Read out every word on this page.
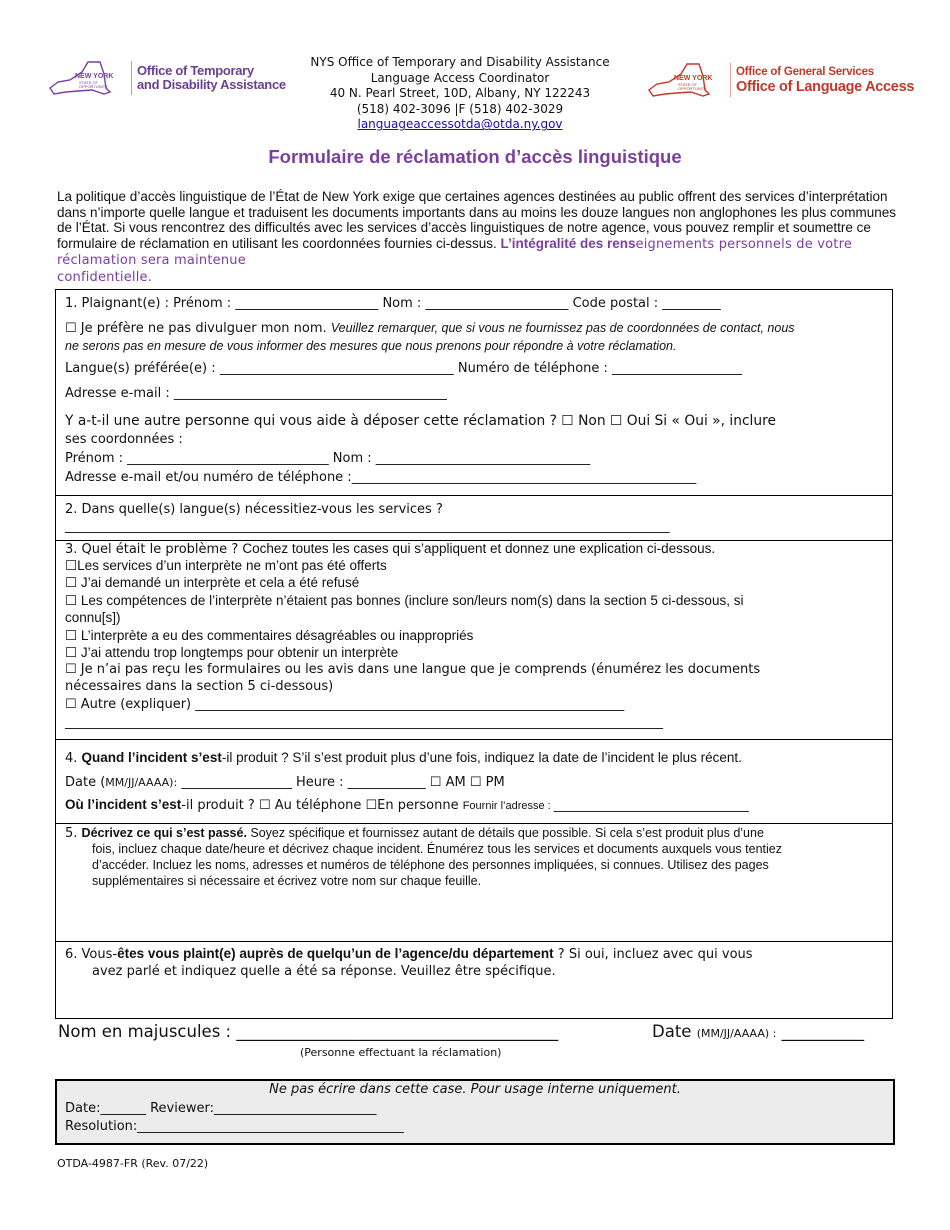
NEW YORK
STATE OF
OPPORTUNITY.
Office of Temporary
and Disability Assistance
NYS Office of Temporary and Disability Assistance
Language Access Coordinator
40 N. Pearl Street, 10D, Albany, NY 122243
(518) 402-3096 |F (518) 402-3029
languageaccessotda@otda.ny.gov
NEW YORK
STATE OF
OPPORTUNITY.
Office of General Services
Office of Language Access
Formulaire de réclamation d’accès linguistique
La politique d’accès linguistique de l’État de New York exige que certaines agences destinées au public offrent des services d’interprétation dans n’importe quelle langue et traduisent les documents importants dans au moins les douze langues non anglophones les plus communes de l’État. Si vous rencontrez des difficultés avec les services d’accès linguistiques de notre agence, vous pouvez remplir et soumettre ce formulaire de réclamation en utilisant les coordonnées fournies ci-dessus. L’intégralité des renseignements personnels de votre réclamation sera maintenue
confidentielle.
1. Plaignant(e) : Prénom : ______________________ Nom : ______________________ Code postal : _________
☐ Je préfère ne pas divulguer mon nom. Veuillez remarquer, que si vous ne fournissez pas de coordonnées de contact, nous
ne serons pas en mesure de vous informer des mesures que nous prenons pour répondre à votre réclamation.
Langue(s) préférée(e) : ____________________________________ Numéro de téléphone : ____________________
Adresse e-mail : __________________________________________
Y a-t-il une autre personne qui vous aide à déposer cette réclamation ? ☐ Non ☐ Oui Si « Oui », inclure
ses coordonnées :
Prénom : _______________________________ Nom : _________________________________
Adresse e-mail et/ou numéro de téléphone :_____________________________________________________
2. Dans quelle(s) langue(s) nécessitiez-vous les services ?
_____________________________________________________________________________________________
3. Quel était le problème ? Cochez toutes les cases qui s’appliquent et donnez une explication ci-dessous.
☐Les services d’un interprète ne m’ont pas été offerts
☐ J’ai demandé un interprète et cela a été refusé
☐ Les compétences de l’interprète n’étaient pas bonnes (inclure son/leurs nom(s) dans la section 5 ci-dessous, si
connu[s])
☐ L’interprète a eu des commentaires désagréables ou inappropriés
☐ J’ai attendu trop longtemps pour obtenir un interprète
☐ Je n’ai pas reçu les formulaires ou les avis dans une langue que je comprends (énumérez les documents
nécessaires dans la section 5 ci-dessous)
☐ Autre (expliquer) __________________________________________________________________
____________________________________________________________________________________________
4. Quand l’incident s’est-il produit ? S’il s’est produit plus d’une fois, indiquez la date de l’incident le plus récent.
Date (MM/JJ/AAAA): _________________ Heure : ____________ ☐ AM ☐ PM
Où l’incident s’est-il produit ? ☐ Au téléphone ☐En personne Fournir l’adresse : ______________________________
5. Décrivez ce qui s’est passé. Soyez spécifique et fournissez autant de détails que possible. Si cela s’est produit plus d’une
fois, incluez chaque date/heure et décrivez chaque incident. Énumérez tous les services et documents auxquels vous tentiez
d’accéder. Incluez les noms, adresses et numéros de téléphone des personnes impliquées, si connues. Utilisez des pages
supplémentaires si nécessaire et écrivez votre nom sur chaque feuille.
6. Vous-êtes vous plaint(e) auprès de quelqu’un de l’agence/du département ? Si oui, incluez avec qui vous
avez parlé et indiquez quelle a été sa réponse. Veuillez être spécifique.
Nom en majuscules : _______________________________________	Date (MM/JJ/AAAA) : __________
(Personne effectuant la réclamation)
Ne pas écrire dans cette case. Pour usage interne uniquement.
Date:_______ Reviewer:_________________________
Resolution:_________________________________________
OTDA-4987-FR (Rev. 07/22)
